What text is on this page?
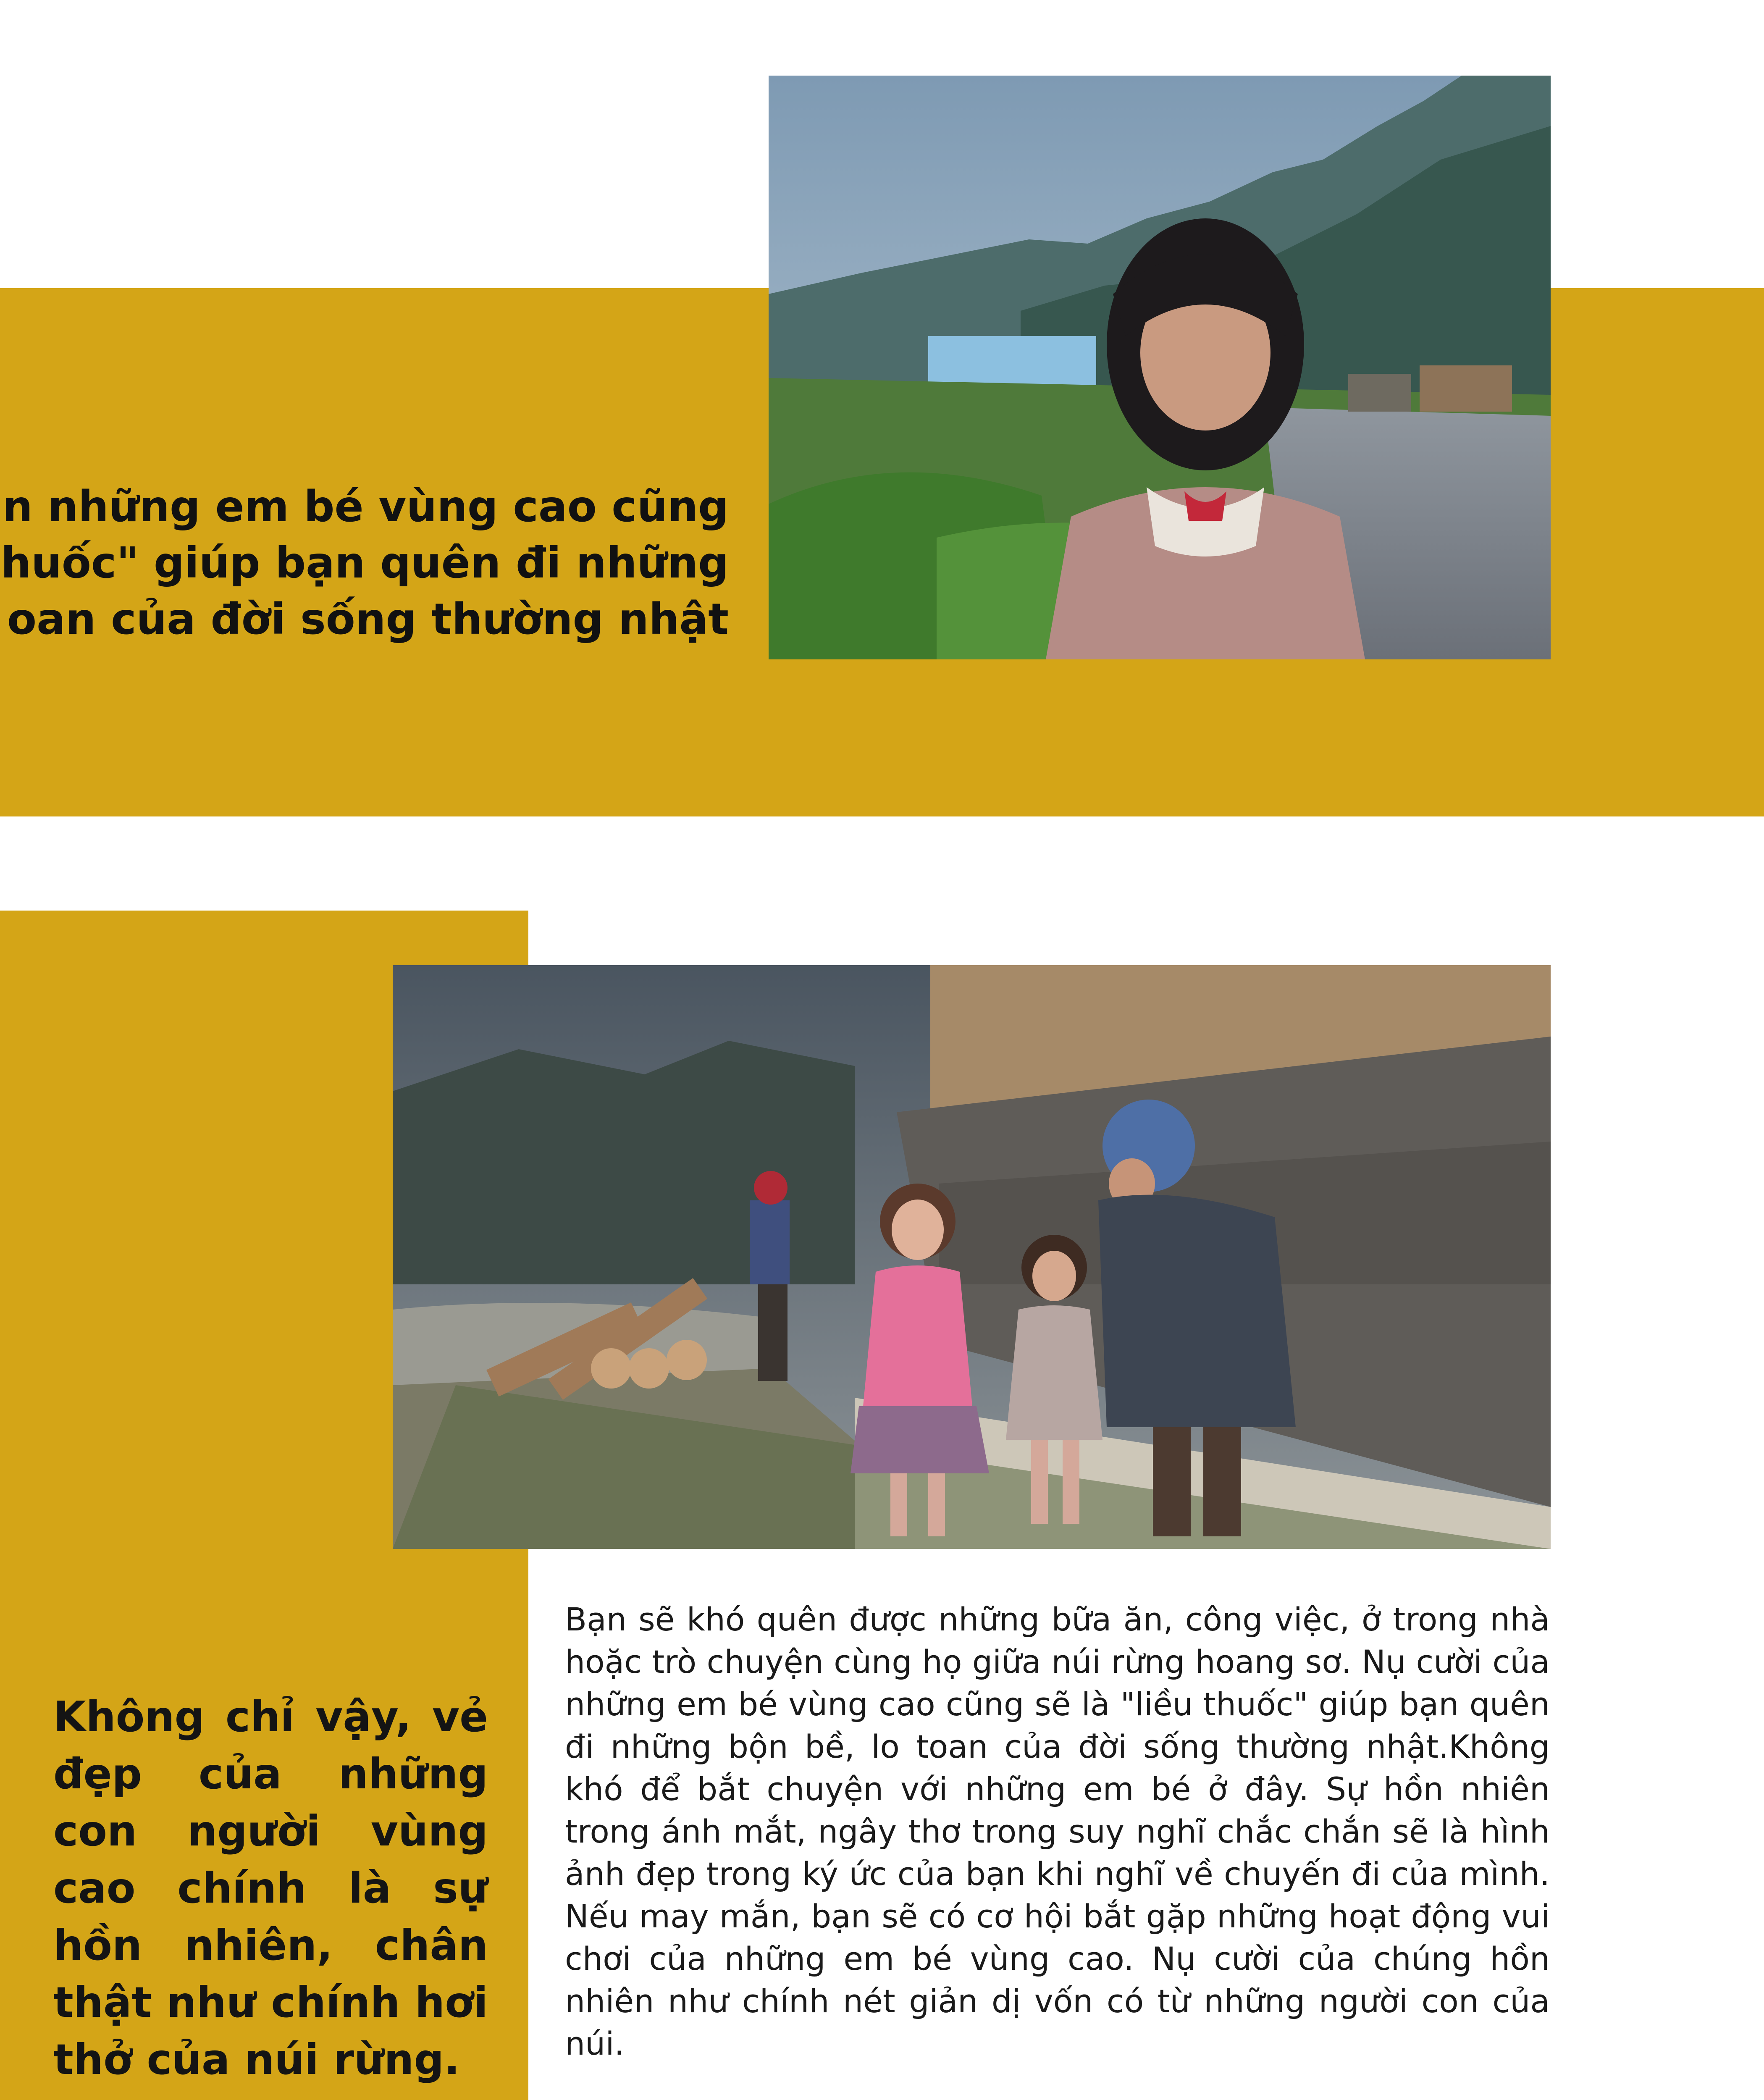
n những em bé vùng cao cũng
huốc" giúp bạn quên đi những
oan của đời sống thường nhật
Không chỉ vậy, vẻ đẹp của những con người vùng cao chính là sự hồn nhiên, chân thật như chính hơi thở của núi rừng.

Bạn sẽ khó quên được những bữa ăn, công việc, ở trong nhà hoặc trò chuyện cùng họ giữa núi rừng hoang sơ. Nụ cười của những em bé vùng cao cũng sẽ là "liều thuốc" giúp bạn quên đi những bộn bề, lo toan của đời sống thường nhật.Không khó để bắt chuyện với những em bé ở đây. Sự hồn nhiên trong ánh mắt, ngây thơ trong suy nghĩ chắc chắn sẽ là hình ảnh đẹp trong ký ức của bạn khi nghĩ về chuyến đi của mình. Nếu may mắn, bạn sẽ có cơ hội bắt gặp những hoạt động vui chơi của những em bé vùng cao. Nụ cười của chúng hồn nhiên như chính nét giản dị vốn có từ những người con của núi.
